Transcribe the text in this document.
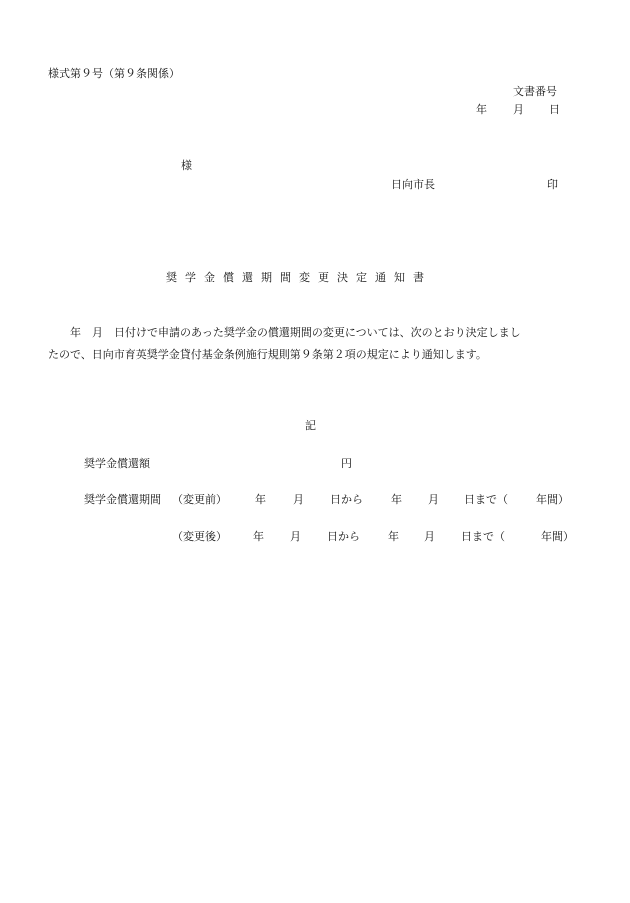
様式第９号（第９条関係）
文書番号
年 月 日
様
日向市長	印
奨学金償還期間変更決定通知書
年　月　日付けで申請のあった奨学金の償還期間の変更については、次のとおり決定しまし
たので、日向市育英奨学金貸付基金条例施行規則第９条第２項の規定により通知します。
記
奨学金償還額	円
奨学金償還期間 （変更前）	年 月 日から	年 月 日まで（	年間）
（変更後） 年 月 日から	年 月 日まで（	年間）
